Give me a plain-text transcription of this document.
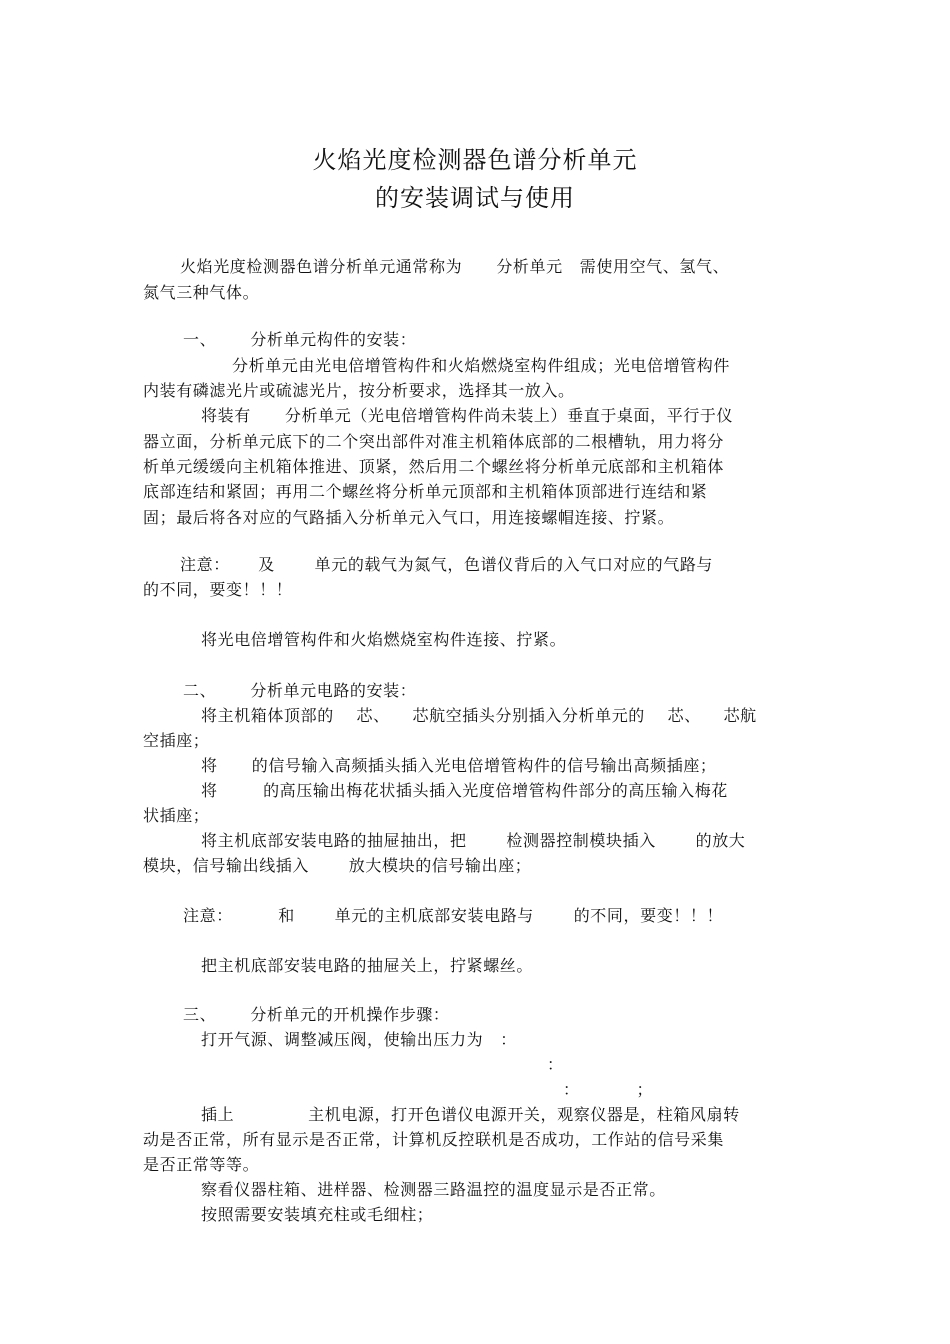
火焰光度检测器色谱分析单元
的安装调试与使用
火焰光度检测器色谱分析单元通常称为      分析单元   需使用空气、氢气、
氮气三种气体。
一、      分析单元构件的安装：
分析单元由光电倍增管构件和火焰燃烧室构件组成；光电倍增管构件
内装有磷滤光片或硫滤光片，按分析要求，选择其一放入。
将装有      分析单元（光电倍增管构件尚未装上）垂直于桌面，平行于仪
器立面，分析单元底下的二个突出部件对准主机箱体底部的二根槽轨，用力将分
析单元缓缓向主机箱体推进、顶紧，然后用二个螺丝将分析单元底部和主机箱体
底部连结和紧固；再用二个螺丝将分析单元顶部和主机箱体顶部进行连结和紧
固；最后将各对应的气路插入分析单元入气口，用连接螺帽连接、拧紧。
注意：     及       单元的载气为氮气，色谱仪背后的入气口对应的气路与
的不同，要变！！！
将光电倍增管构件和火焰燃烧室构件连接、拧紧。
二、      分析单元电路的安装：
将主机箱体顶部的    芯、    芯航空插头分别插入分析单元的    芯、    芯航
空插座；
将      的信号输入高频插头插入光电倍增管构件的信号输出高频插座；
将        的高压输出梅花状插头插入光度倍增管构件部分的高压输入梅花
状插座；
将主机底部安装电路的抽屉抽出，把       检测器控制模块插入       的放大
模块，信号输出线插入       放大模块的信号输出座；
注意：        和       单元的主机底部安装电路与       的不同，要变！！！
把主机底部安装电路的抽屉关上，拧紧螺丝。
三、      分析单元的开机操作步骤：
打开气源、调整减压阀，使输出压力为   ：
：
：          ；
插上             主机电源，打开色谱仪电源开关，观察仪器是，柱箱风扇转
动是否正常，所有显示是否正常，计算机反控联机是否成功，工作站的信号采集
是否正常等等。
察看仪器柱箱、进样器、检测器三路温控的温度显示是否正常。
按照需要安装填充柱或毛细柱；
